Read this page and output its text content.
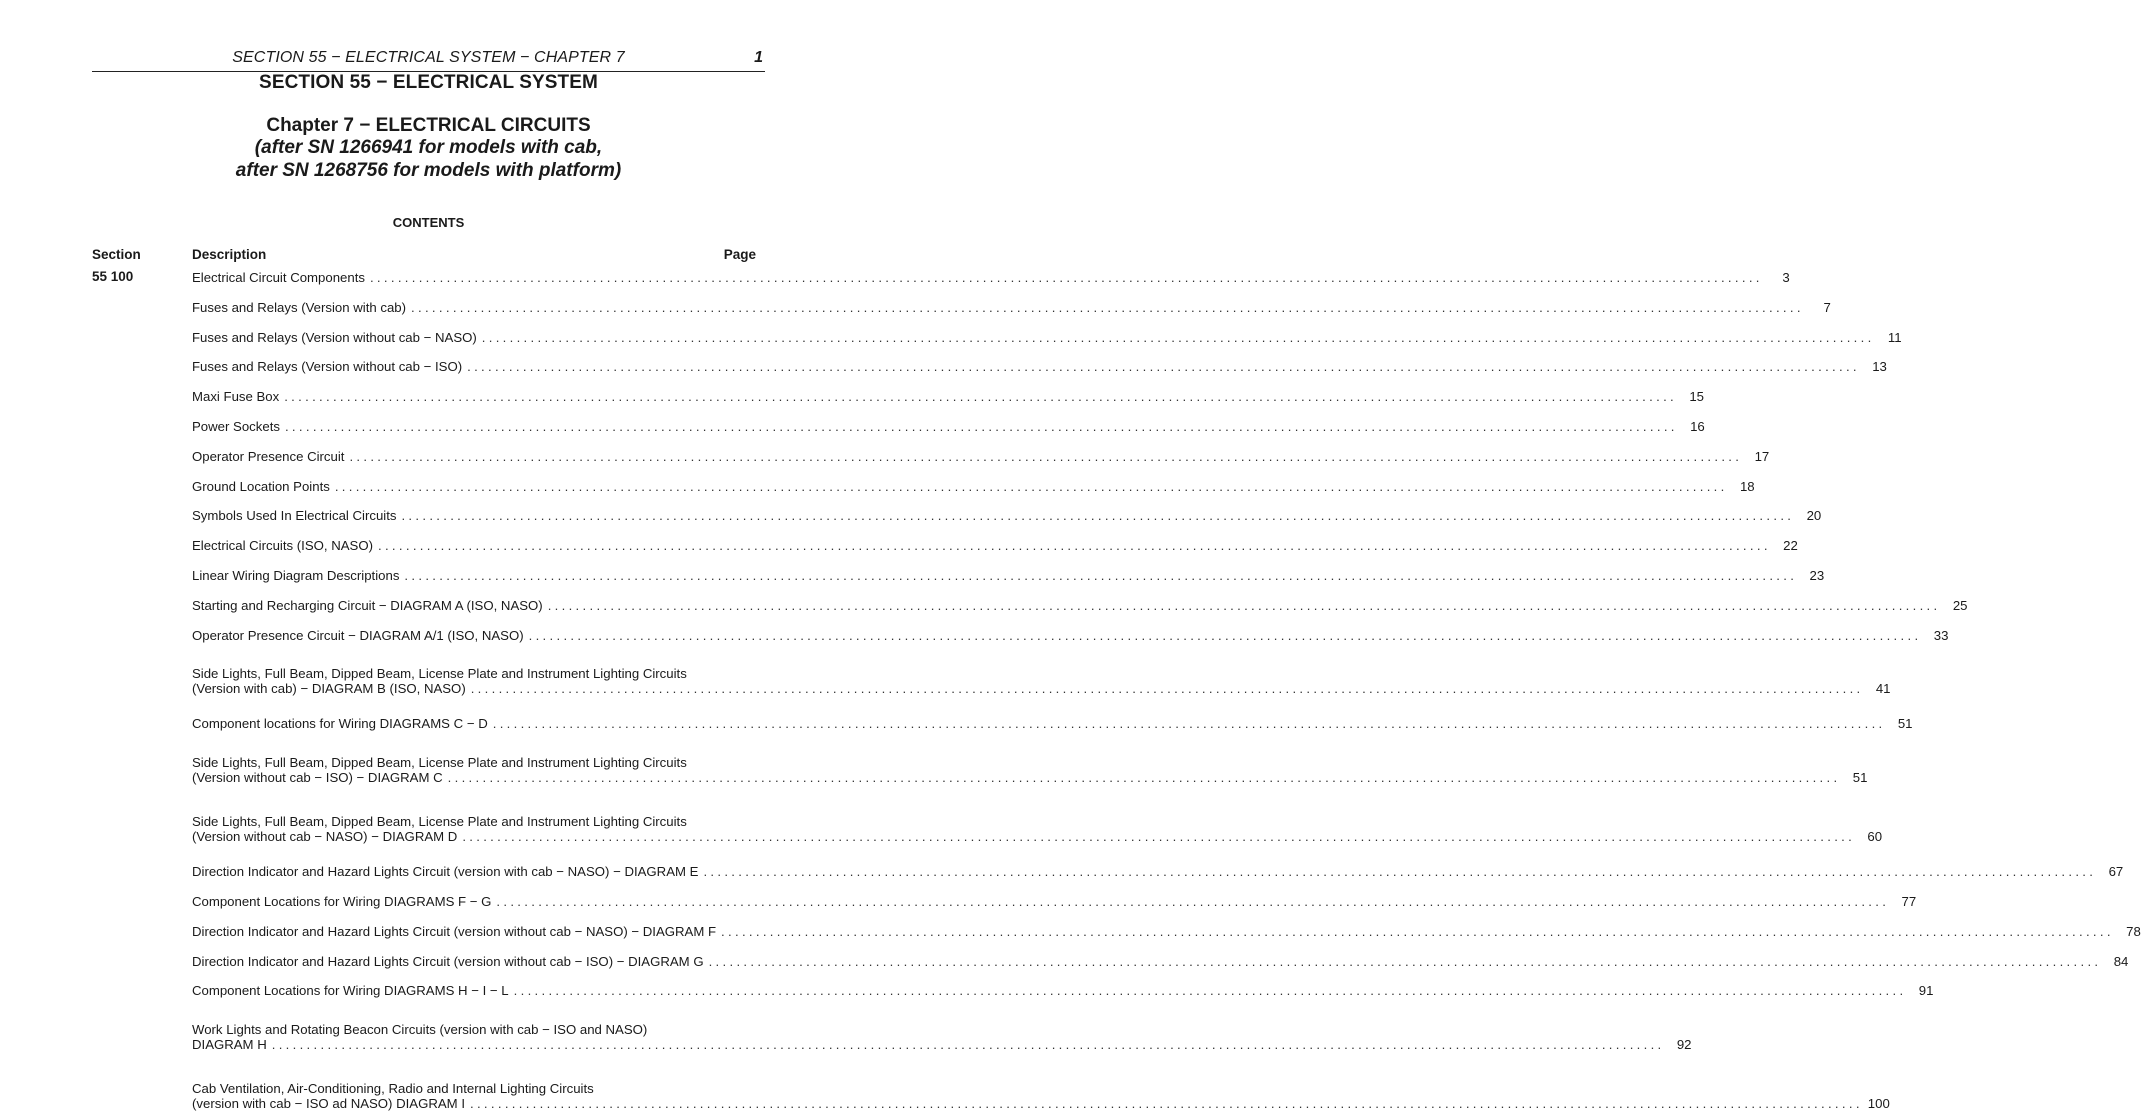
SECTION 55 − ELECTRICAL SYSTEM − CHAPTER 7	1
SECTION 55 − ELECTRICAL SYSTEM
Chapter 7 − ELECTRICAL CIRCUITS
(after SN 1266941 for models with cab,
after SN 1268756 for models with platform)
CONTENTS
Section	Description	Page
55 100	Electrical Circuit Components ........................................................................................................................................................................................................	3
Fuses and Relays (Version with cab) ........................................................................................................................................................................................................	7
Fuses and Relays (Version without cab − NASO) ........................................................................................................................................................................................................	11
Fuses and Relays (Version without cab − ISO) ........................................................................................................................................................................................................ 13
Maxi Fuse Box ........................................................................................................................................................................................................ 15
Power Sockets ........................................................................................................................................................................................................ 16
Operator Presence Circuit ........................................................................................................................................................................................................ 17
Ground Location Points ........................................................................................................................................................................................................ 18
Symbols Used In Electrical Circuits ........................................................................................................................................................................................................ 20
Electrical Circuits (ISO, NASO) ........................................................................................................................................................................................................ 22
Linear Wiring Diagram Descriptions ........................................................................................................................................................................................................ 23
Starting and Recharging Circuit − DIAGRAM A (ISO, NASO) ........................................................................................................................................................................................................ 25
Operator Presence Circuit − DIAGRAM A/1 (ISO, NASO) ........................................................................................................................................................................................................ 33
Side Lights, Full Beam, Dipped Beam, License Plate and Instrument Lighting Circuits
(Version with cab) − DIAGRAM B (ISO, NASO) ........................................................................................................................................................................................................ 41
Component locations for Wiring DIAGRAMS C − D ........................................................................................................................................................................................................ 51
Side Lights, Full Beam, Dipped Beam, License Plate and Instrument Lighting Circuits
(Version without cab − ISO) − DIAGRAM C ........................................................................................................................................................................................................ 51
Side Lights, Full Beam, Dipped Beam, License Plate and Instrument Lighting Circuits
(Version without cab − NASO) − DIAGRAM D ........................................................................................................................................................................................................ 60
Direction Indicator and Hazard Lights Circuit (version with cab − NASO) − DIAGRAM E ........................................................................................................................................................................................................ 67
Component Locations for Wiring DIAGRAMS F − G ........................................................................................................................................................................................................ 77
Direction Indicator and Hazard Lights Circuit (version without cab − NASO) − DIAGRAM F ........................................................................................................................................................................................................ 78
Direction Indicator and Hazard Lights Circuit (version without cab − ISO) − DIAGRAM G ........................................................................................................................................................................................................ 84
Component Locations for Wiring DIAGRAMS H − I − L ........................................................................................................................................................................................................ 91
Work Lights and Rotating Beacon Circuits (version with cab − ISO and NASO)
DIAGRAM H ........................................................................................................................................................................................................ 92
Cab Ventilation, Air-Conditioning, Radio and Internal Lighting Circuits
(version with cab − ISO ad NASO) DIAGRAM I ........................................................................................................................................................................................................ 100
